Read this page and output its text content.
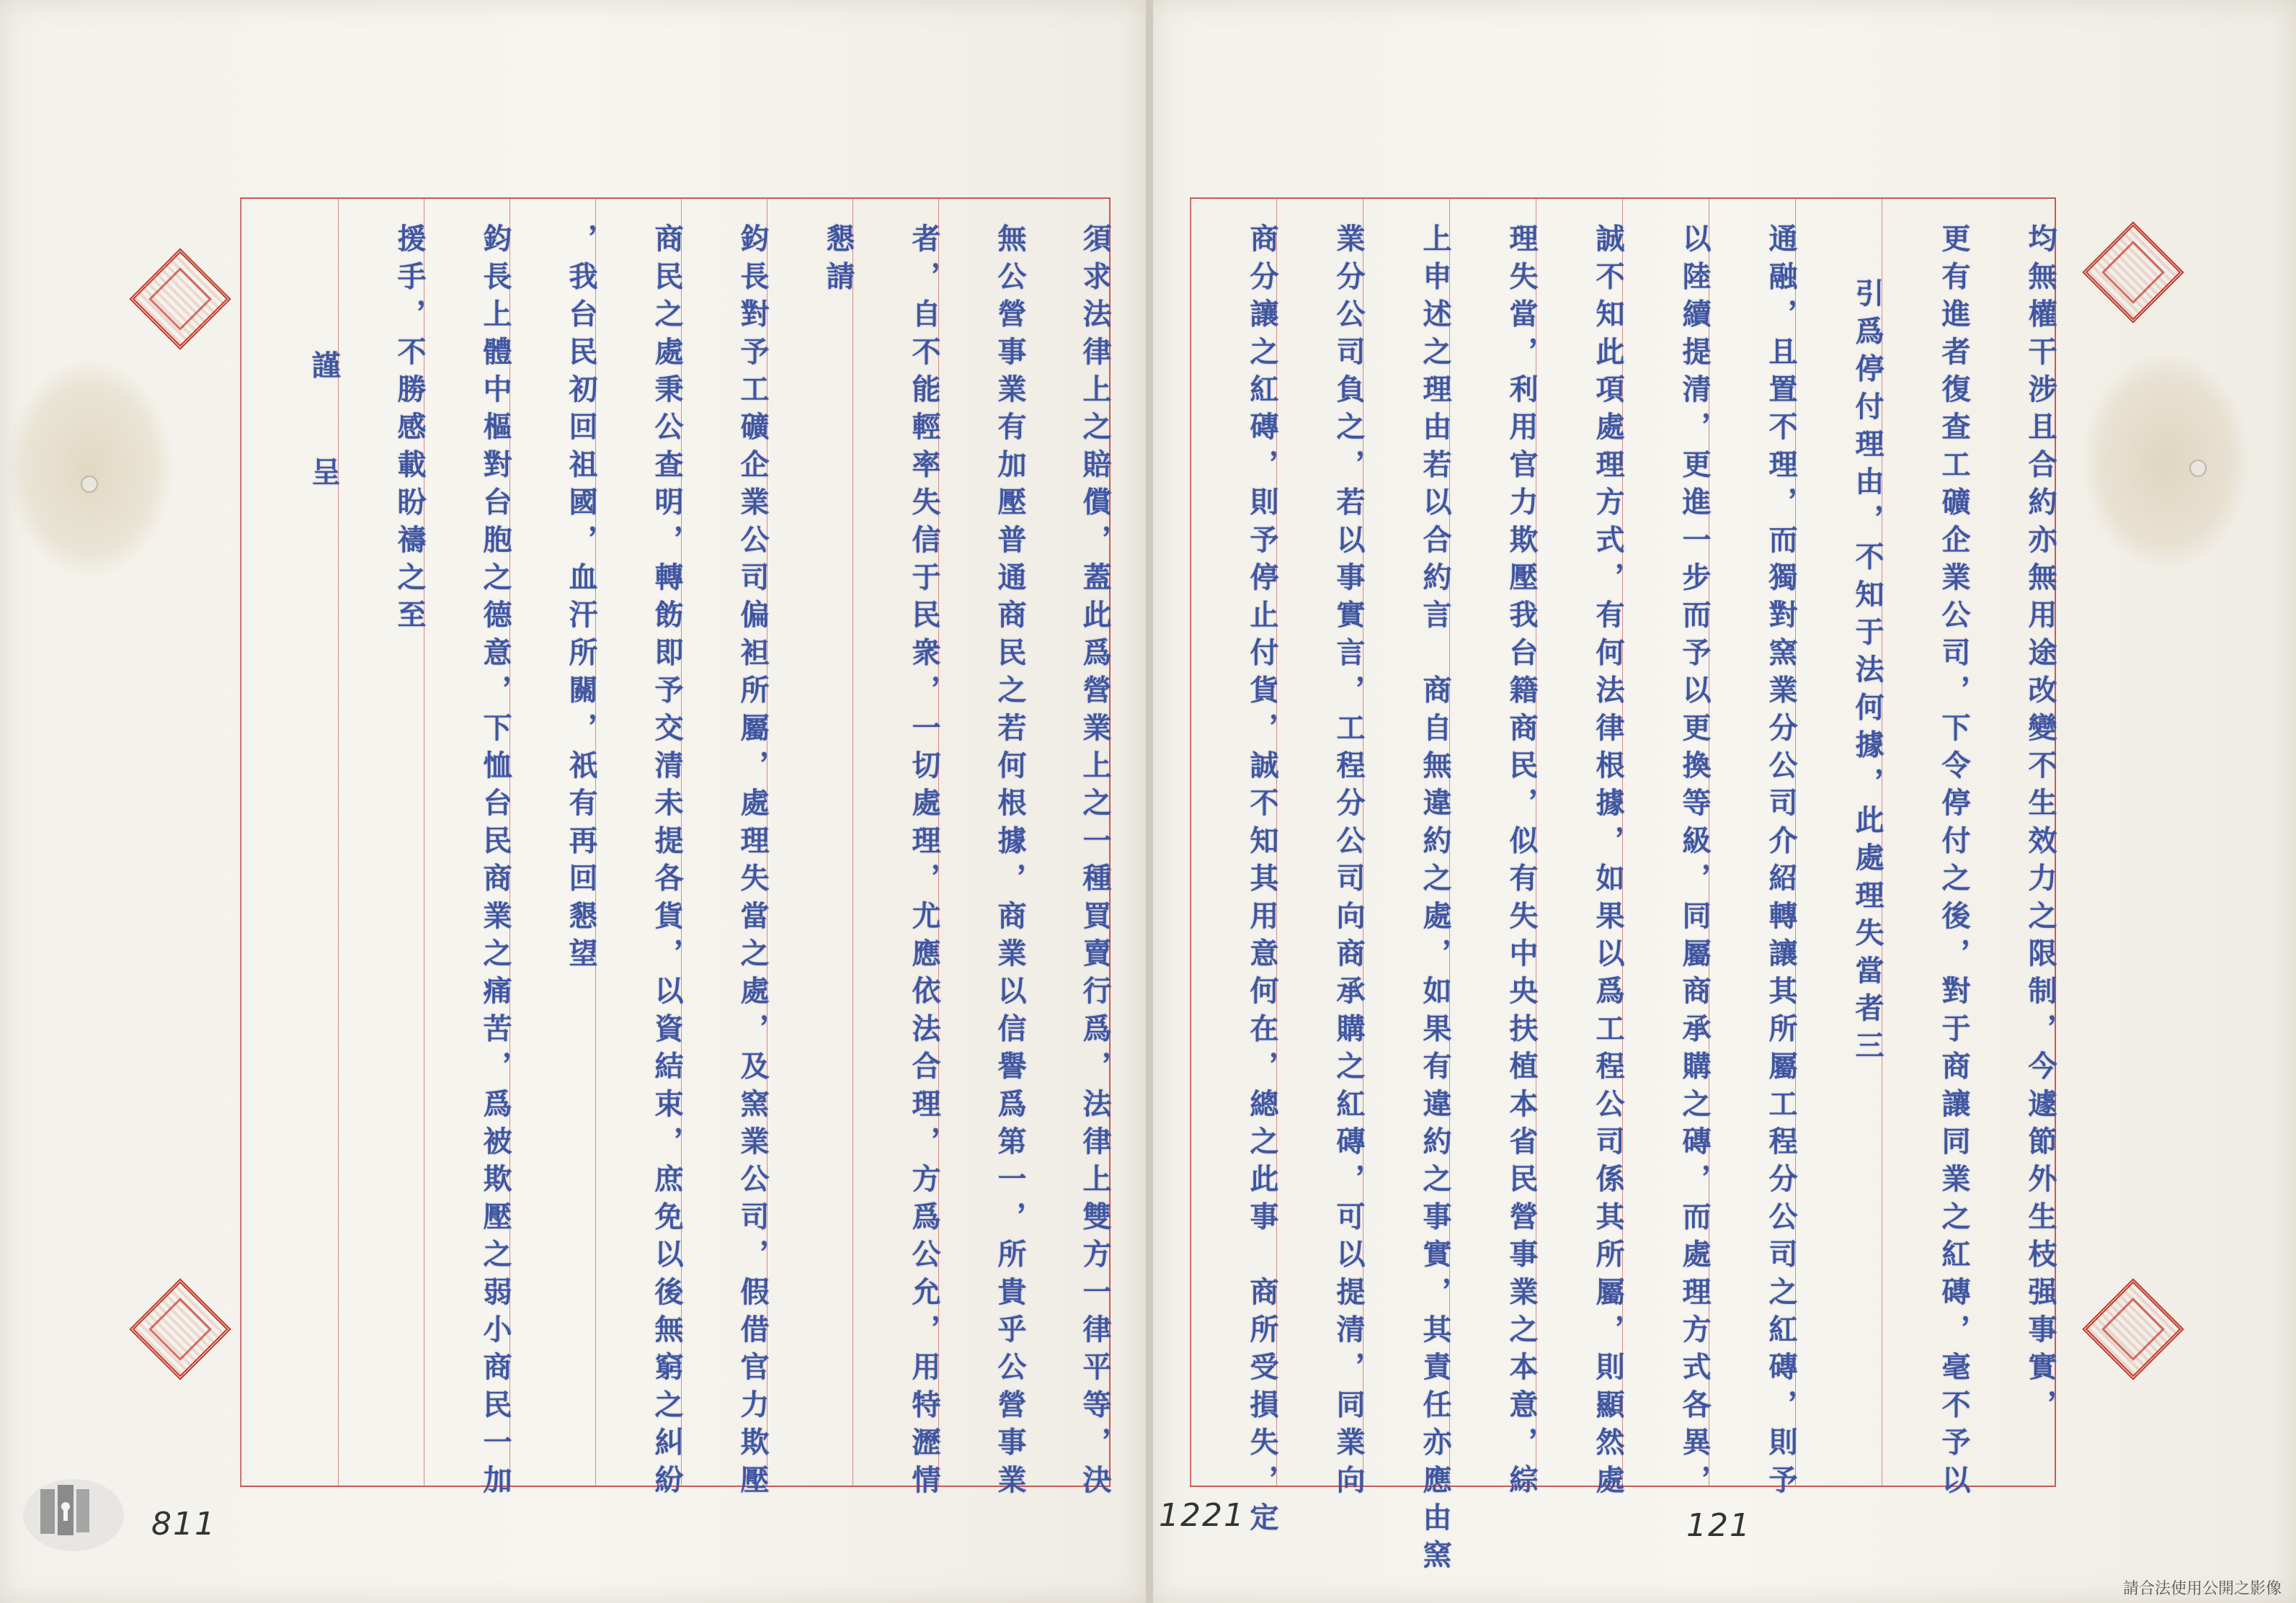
811
須求法律上之賠償，蓋此爲營業上之一種買賣行爲，法律上雙方一律平等，決
無公營事業有加壓普通商民之若何根據，商業以信譽爲第一，所貴乎公營事業
者，自不能輕率失信于民衆，一切處理，尤應依法合理，方爲公允，用特瀝情
懇請
鈞長對予工礦企業公司偏袒所屬，處理失當之處，及窯業公司，假借官力欺壓
商民之處秉公查明，轉飭即予交清未提各貨，以資結束，庶免以後無窮之糾紛
，我台民初回祖國，血汗所關，祇有再回懇望
鈞長上體中樞對台胞之德意，下恤台民商業之痛苦，爲被欺壓之弱小商民一加
援手，不勝感載盼禱之至
謹　呈
1221	121
均無權干涉且合約亦無用途改變不生效力之限制，今遽節外生枝强事實，
更有進者復查工礦企業公司，下令停付之後，對于商讓同業之紅磚，毫不予以
引爲停付理由，不知于法何據，此處理失當者三
通融，且置不理，而獨對窯業分公司介紹轉讓其所屬工程分公司之紅磚，則予
以陸續提清，更進一步而予以更換等級，同屬商承購之磚，而處理方式各異，
誠不知此項處理方式，有何法律根據，如果以爲工程公司係其所屬，則顯然處
理失當，利用官力欺壓我台籍商民，似有失中央扶植本省民營事業之本意，綜
上申述之理由若以合約言　商自無違約之處，如果有違約之事實，其責任亦應由窯
業分公司負之，若以事實言，工程分公司向商承購之紅磚，可以提清，同業向
商分讓之紅磚，則予停止付貨，誠不知其用意何在，總之此事　商所受損失，定
請合法使用公開之影像
